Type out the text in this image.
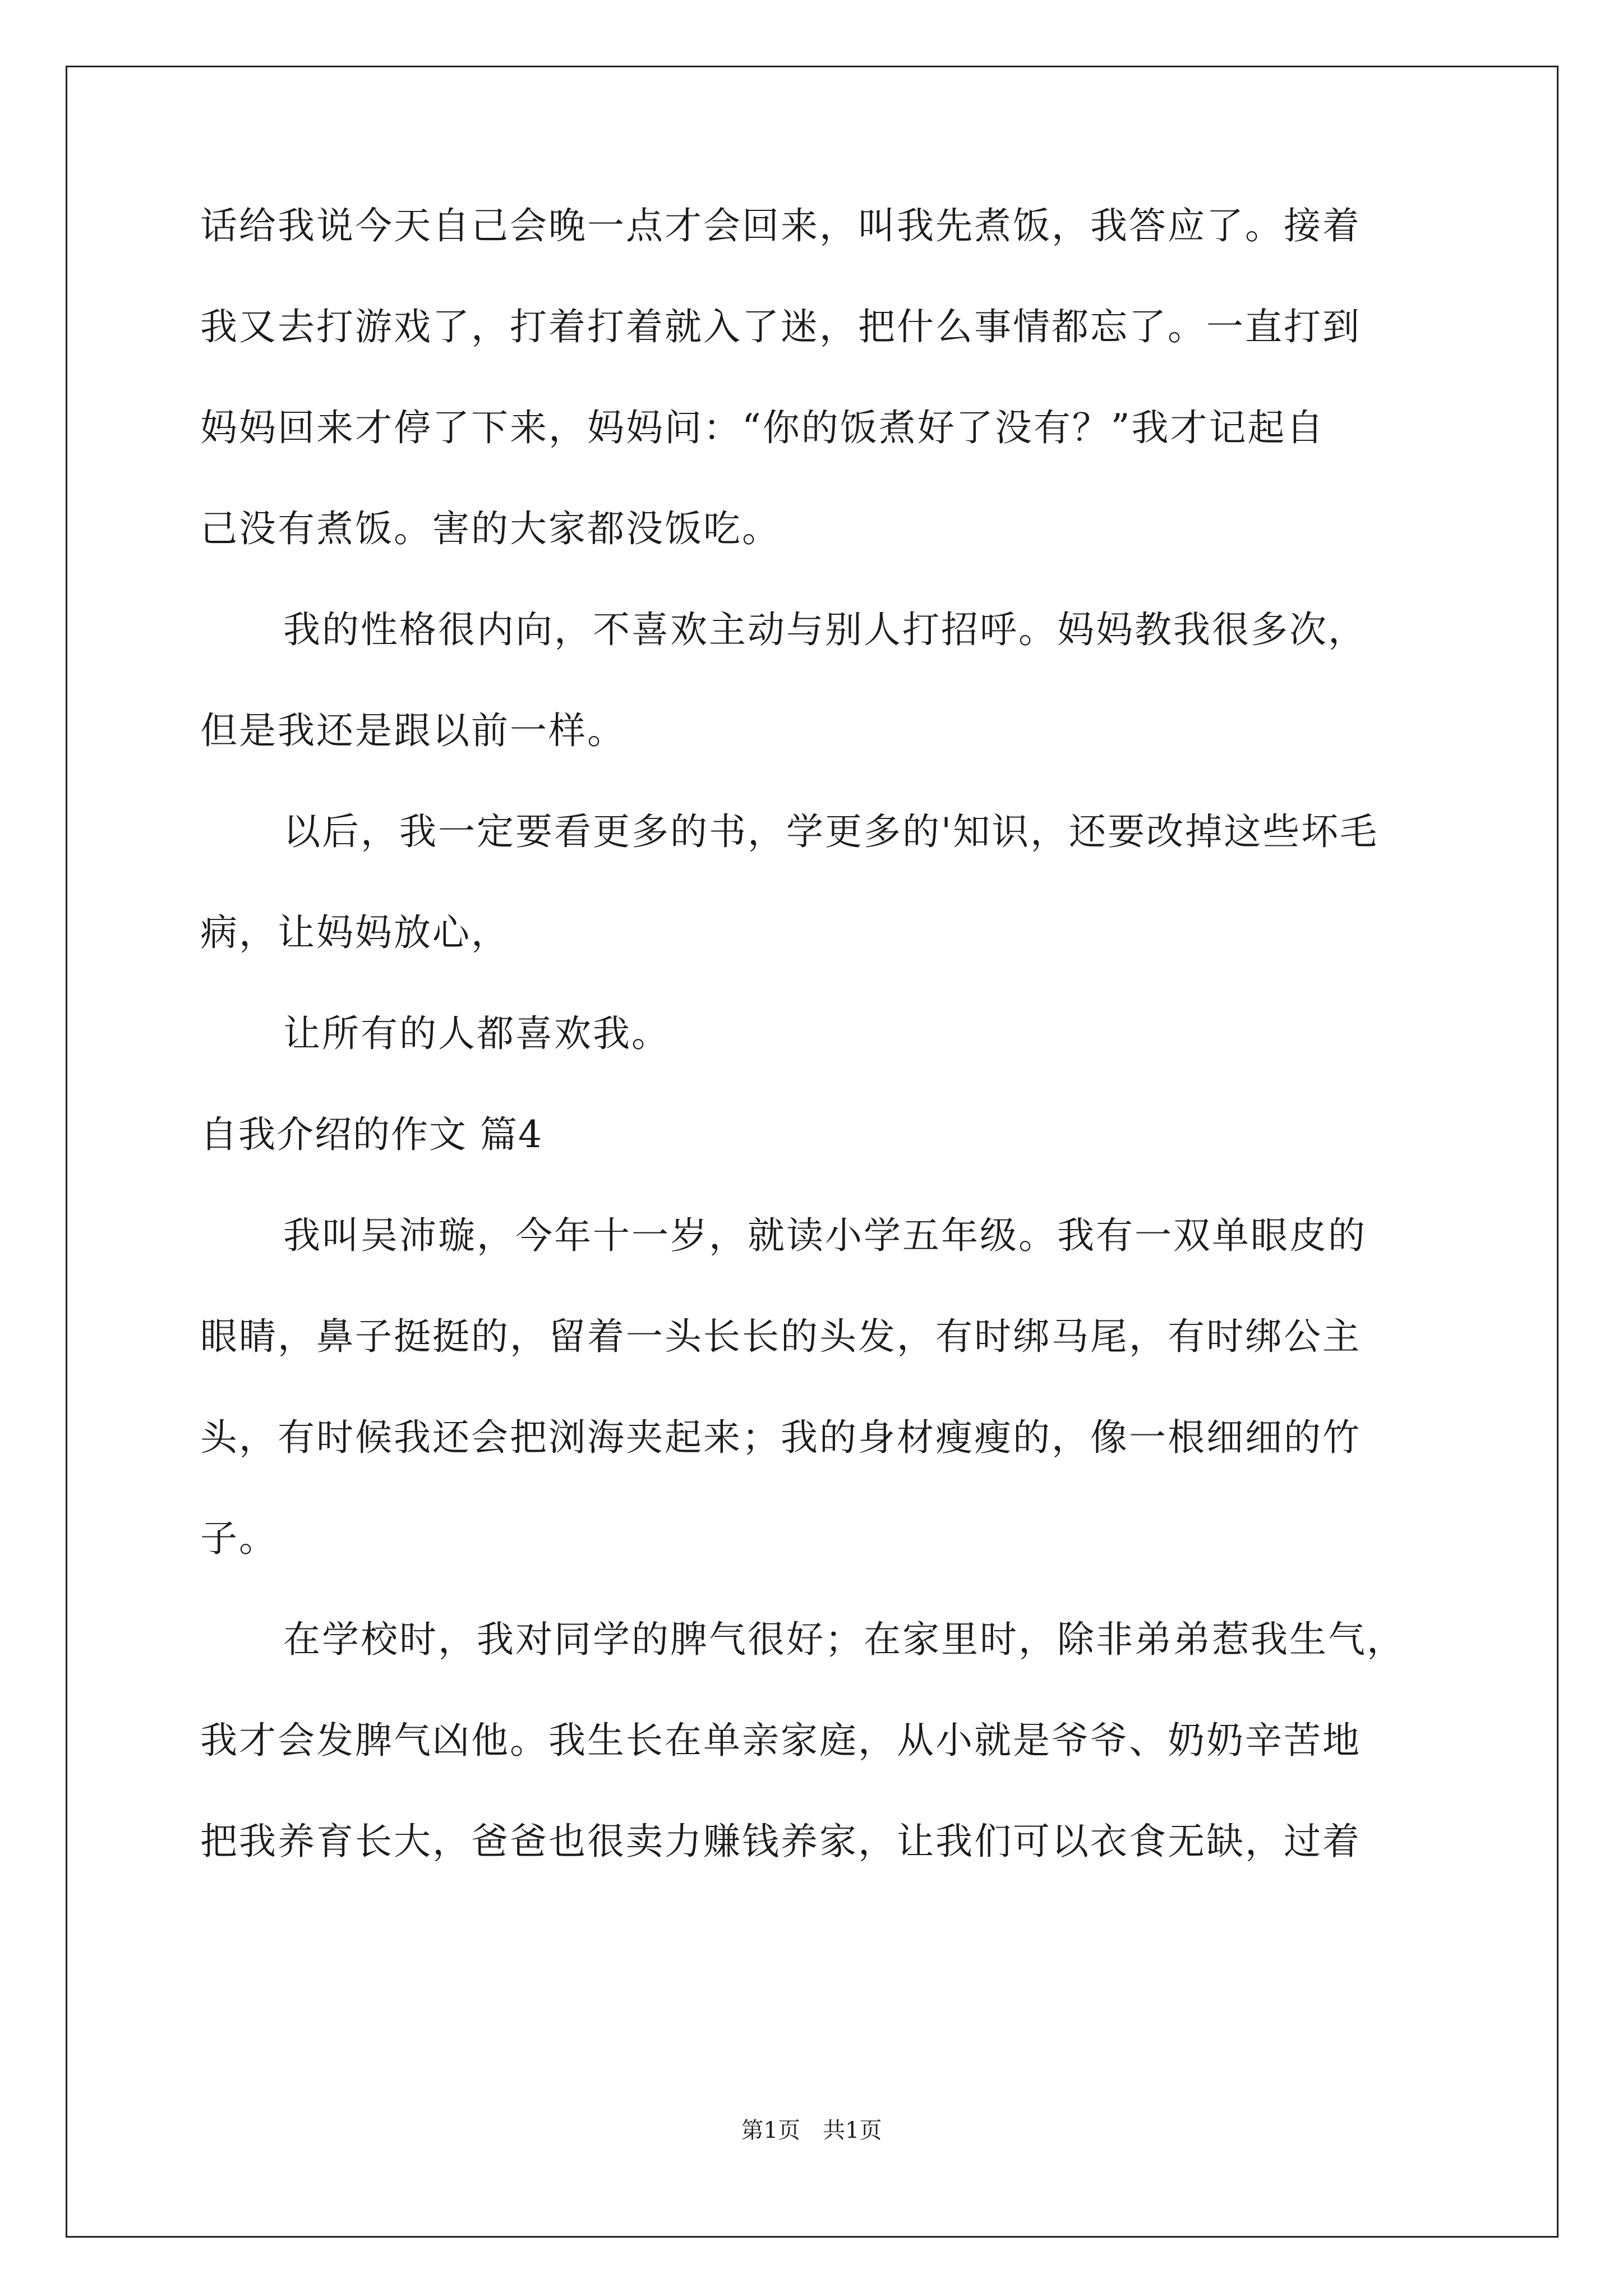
话给我说今天自己会晚一点才会回来，叫我先煮饭，我答应了。接着
我又去打游戏了，打着打着就入了迷，把什么事情都忘了。一直打到
妈妈回来才停了下来，妈妈问：“你的饭煮好了没有？”我才记起自
己没有煮饭。害的大家都没饭吃。
我的性格很内向，不喜欢主动与别人打招呼。妈妈教我很多次，
但是我还是跟以前一样。
以后，我一定要看更多的书，学更多的'知识，还要改掉这些坏毛
病，让妈妈放心，
让所有的人都喜欢我。
自我介绍的作文 篇4
我叫吴沛璇，今年十一岁，就读小学五年级。我有一双单眼皮的
眼睛，鼻子挺挺的，留着一头长长的头发，有时绑马尾，有时绑公主
头，有时候我还会把浏海夹起来；我的身材瘦瘦的，像一根细细的竹
子。
在学校时，我对同学的脾气很好；在家里时，除非弟弟惹我生气，
我才会发脾气凶他。我生长在单亲家庭，从小就是爷爷、奶奶辛苦地
把我养育长大，爸爸也很卖力赚钱养家，让我们可以衣食无缺，过着
第1页　共1页
